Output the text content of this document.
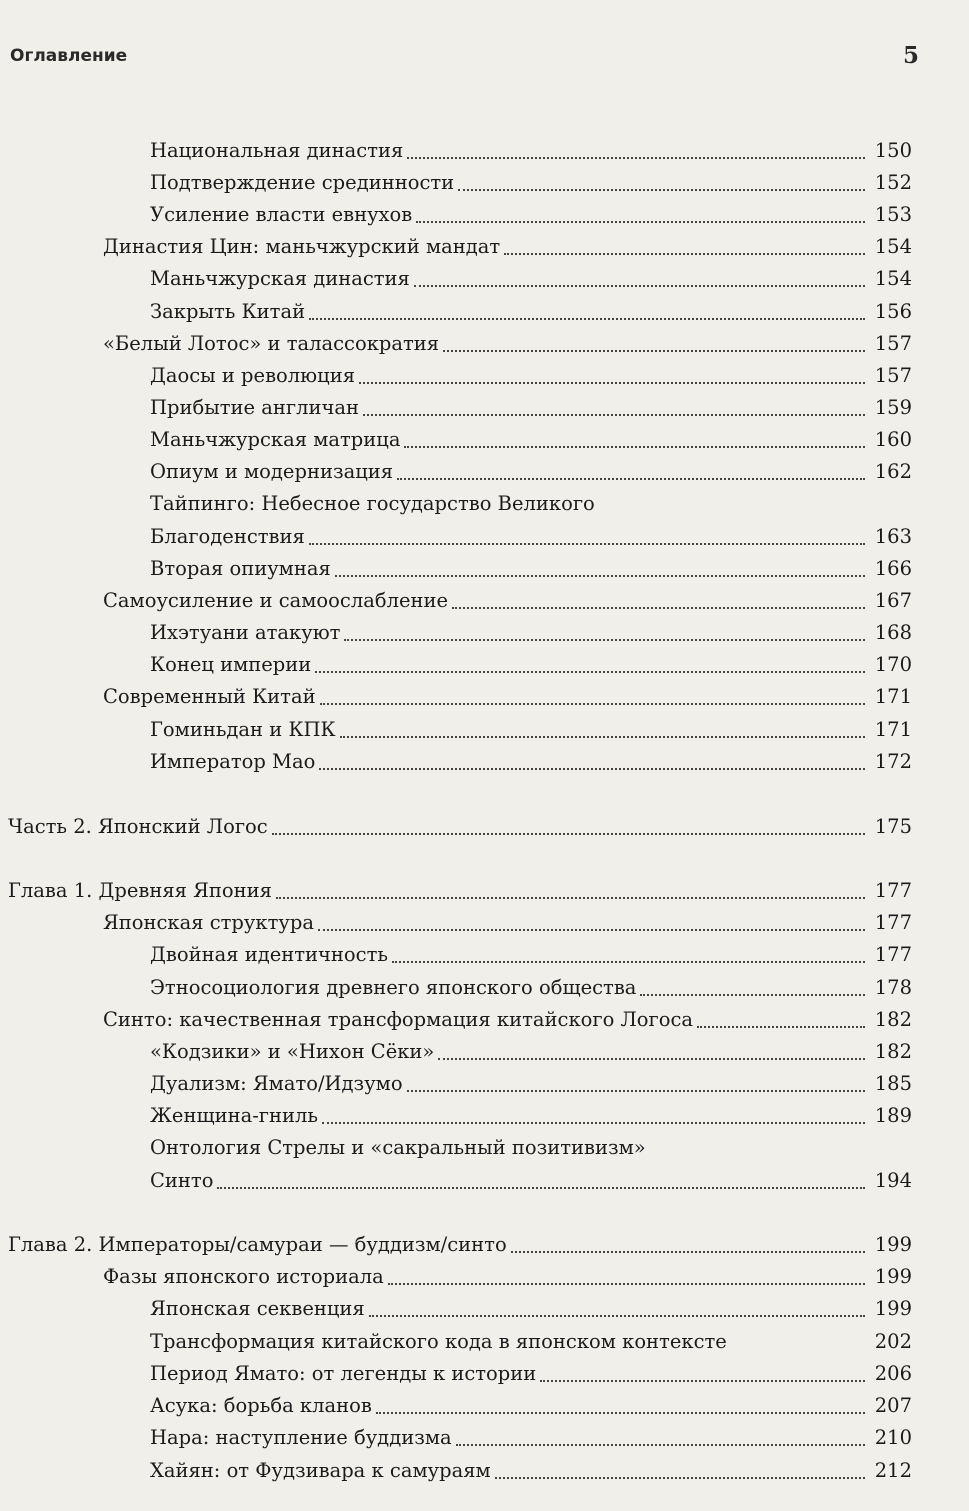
Оглавление	5
Национальная династия	150
Подтверждение срединности	152
Усиление власти евнухов	153
Династия Цин: маньчжурский мандат	154
Маньчжурская династия	154
Закрыть Китай	156
«Белый Лотос» и талассократия	157
Даосы и революция	157
Прибытие англичан	159
Маньчжурская матрица	160
Опиум и модернизация	162
Тайпинго: Небесное государство Великого
Благоденствия	163
Вторая опиумная	166
Самоусиление и самоослабление	167
Ихэтуани атакуют	168
Конец империи	170
Современный Китай	171
Гоминьдан и КПК	171
Император Мао	172
Часть 2. Японский Логос	175
Глава 1. Древняя Япония	177
Японская структура	177
Двойная идентичность	177
Этносоциология древнего японского общества	178
Синто: качественная трансформация китайского Логоса	182
«Кодзики» и «Нихон Сёки»	182
Дуализм: Ямато/Идзумо	185
Женщина-гниль	189
Онтология Стрелы и «сакральный позитивизм»
Синто	194
Глава 2. Императоры/самураи — буддизм/синто	199
Фазы японского историала	199
Японская секвенция	199
Трансформация китайского кода в японском контексте	202
Период Ямато: от легенды к истории	206
Асука: борьба кланов	207
Нара: наступление буддизма	210
Хайян: от Фудзивара к самураям	212
